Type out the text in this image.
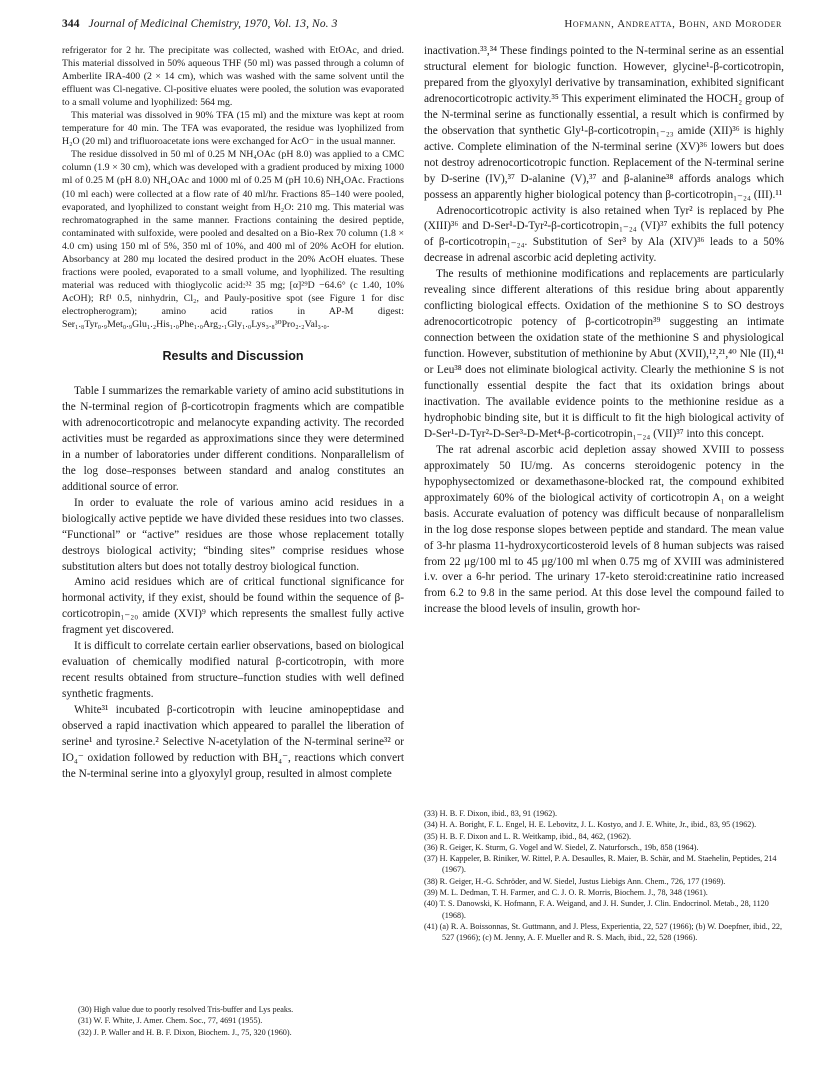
344 Journal of Medicinal Chemistry, 1970, Vol. 13, No. 3	Hofmann, Andreatta, Bohn, and Moroder

refrigerator for 2 hr. The precipitate was collected, washed with EtOAc, and dried. This material dissolved in 50% aqueous THF (50 ml) was passed through a column of Amberlite IRA-400 (2 × 14 cm), which was washed with the same solvent until the effluent was Cl-negative. Cl-positive eluates were pooled, the solution was evaporated to a small volume and lyophilized: 564 mg.

This material was dissolved in 90% TFA (15 ml) and the mixture was kept at room temperature for 40 min. The TFA was evaporated, the residue was lyophilized from H₂O (20 ml) and trifluoroacetate ions were exchanged for AcO⁻ in the usual manner.

The residue dissolved in 50 ml of 0.25 M NH₄OAc (pH 8.0) was applied to a CMC column (1.9 × 30 cm), which was developed with a gradient produced by mixing 1000 ml of 0.25 M (pH 8.0) NH₄OAc and 1000 ml of 0.25 M (pH 10.6) NH₄OAc. Fractions (10 ml each) were collected at a flow rate of 40 ml/hr. Fractions 85–140 were pooled, evaporated, and lyophilized to constant weight from H₂O: 210 mg. This material was rechromatographed in the same manner. Fractions containing the desired peptide, contaminated with sulfoxide, were pooled and desalted on a Bio-Rex 70 column (1.8 × 4.0 cm) using 150 ml of 5%, 350 ml of 10%, and 400 ml of 20% AcOH for elution. Absorbancy at 280 mμ located the desired product in the 20% AcOH eluates. These fractions were pooled, evaporated to a small volume, and lyophilized. The resulting material was reduced with thioglycolic acid:³² 35 mg; [α]²⁹D −64.6° (c 1.40, 10% AcOH); Rf¹ 0.5, ninhydrin, Cl₂, and Pauly-positive spot (see Figure 1 for disc electropherogram); amino acid ratios in AP-M digest: Ser₁.₈Tyr₀.₉Met₀.₉Glu₁.₂His₁.₀Phe₁.₀Arg₂.₁Gly₁.₀Lys₃.₈³⁰Pro₂.₂Val₃.₀.

Results and Discussion

Table I summarizes the remarkable variety of amino acid substitutions in the N-terminal region of β-corticotropin fragments which are compatible with adrenocorticotropic and melanocyte expanding activity. The recorded activities must be regarded as approximations since they were determined in a number of laboratories under different conditions. Nonparallelism of the log dose–responses between standard and analog constitutes an additional source of error.

In order to evaluate the role of various amino acid residues in a biologically active peptide we have divided these residues into two classes. “Functional” or “active” residues are those whose replacement totally destroys biological activity; “binding sites” comprise residues whose substitution alters but does not totally destroy biological function.

Amino acid residues which are of critical functional significance for hormonal activity, if they exist, should be found within the sequence of β-corticotropin₁₋₂₀ amide (XVI)⁹ which represents the smallest fully active fragment yet discovered.

It is difficult to correlate certain earlier observations, based on biological evaluation of chemically modified natural β-corticotropin, with more recent results obtained from structure–function studies with well defined synthetic fragments.

White³¹ incubated β-corticotropin with leucine aminopeptidase and observed a rapid inactivation which appeared to parallel the liberation of serine¹ and tyrosine.² Selective N-acetylation of the N-terminal serine³² or IO₄⁻ oxidation followed by reduction with BH₄⁻, reactions which convert the N-terminal serine into a glyoxylyl group, resulted in almost complete

inactivation.³³,³⁴ These findings pointed to the N-terminal serine as an essential structural element for biologic function. However, glycine¹-β-corticotropin, prepared from the glyoxylyl derivative by transamination, exhibited significant adrenocorticotropic activity.³⁵ This experiment eliminated the HOCH₂ group of the N-terminal serine as functionally essential, a result which is confirmed by the observation that synthetic Gly¹-β-corticotropin₁₋₂₃ amide (XII)³⁶ is highly active. Complete elimination of the N-terminal serine (XV)³⁶ lowers but does not destroy adrenocorticotropic function. Replacement of the N-terminal serine by D-serine (IV),³⁷ D-alanine (V),³⁷ and β-alanine³⁸ affords analogs which possess an apparently higher biological potency than β-corticotropin₁₋₂₄ (III).¹¹

Adrenocorticotropic activity is also retained when Tyr² is replaced by Phe (XIII)³⁶ and D-Ser¹-D-Tyr²-β-corticotropin₁₋₂₄ (VI)³⁷ exhibits the full potency of β-corticotropin₁₋₂₄. Substitution of Ser³ by Ala (XIV)³⁶ leads to a 50% decrease in adrenal ascorbic acid depleting activity.

The results of methionine modifications and replacements are particularly revealing since different alterations of this residue bring about apparently conflicting biological effects. Oxidation of the methionine S to SO destroys adrenocorticotropic potency of β-corticotropin³⁹ suggesting an intimate connection between the oxidation state of the methionine S and physiological function. However, substitution of methionine by Abut (XVII),¹²,²¹,⁴⁰ Nle (II),⁴¹ or Leu³⁸ does not eliminate biological activity. Clearly the methionine S is not functionally essential despite the fact that its oxidation brings about inactivation. The available evidence points to the methionine residue as a hydrophobic binding site, but it is difficult to fit the high biological activity of D-Ser¹-D-Tyr²-D-Ser³-D-Met⁴-β-corticotropin₁₋₂₄ (VII)³⁷ into this concept.

The rat adrenal ascorbic acid depletion assay showed XVIII to possess approximately 50 IU/mg. As concerns steroidogenic potency in the hypophysectomized or dexamethasone-blocked rat, the compound exhibited approximately 60% of the biological activity of corticotropin A₁ on a weight basis. Accurate evaluation of potency was difficult because of nonparallelism in the log dose response slopes between peptide and standard. The mean value of 3-hr plasma 11-hydroxycorticosteroid levels of 8 human subjects was raised from 22 μg/100 ml to 45 μg/100 ml when 0.75 mg of XVIII was administered i.v. over a 6-hr period. The urinary 17-keto steroid:creatinine ratio increased from 6.2 to 9.8 in the same period. At this dose level the compound failed to increase the blood levels of insulin, growth hor-

(30) High value due to poorly resolved Tris-buffer and Lys peaks.

(31) W. F. White, J. Amer. Chem. Soc., 77, 4691 (1955).

(32) J. P. Waller and H. B. F. Dixon, Biochem. J., 75, 320 (1960).

(33) H. B. F. Dixon, ibid., 83, 91 (1962).

(34) H. A. Boright, F. L. Engel, H. E. Lebovitz, J. L. Kostyo, and J. E. White, Jr., ibid., 83, 95 (1962).

(35) H. B. F. Dixon and L. R. Weitkamp, ibid., 84, 462, (1962).

(36) R. Geiger, K. Sturm, G. Vogel and W. Siedel, Z. Naturforsch., 19b, 858 (1964).

(37) H. Kappeler, B. Riniker, W. Rittel, P. A. Desaulles, R. Maier, B. Schär, and M. Staehelin, Peptides, 214 (1967).

(38) R. Geiger, H.-G. Schröder, and W. Siedel, Justus Liebigs Ann. Chem., 726, 177 (1969).

(39) M. L. Dedman, T. H. Farmer, and C. J. O. R. Morris, Biochem. J., 78, 348 (1961).

(40) T. S. Danowski, K. Hofmann, F. A. Weigand, and J. H. Sunder, J. Clin. Endocrinol. Metab., 28, 1120 (1968).

(41) (a) R. A. Boissonnas, St. Guttmann, and J. Pless, Experientia, 22, 527 (1966); (b) W. Doepfner, ibid., 22, 527 (1966); (c) M. Jenny, A. F. Mueller and R. S. Mach, ibid., 22, 528 (1966).
